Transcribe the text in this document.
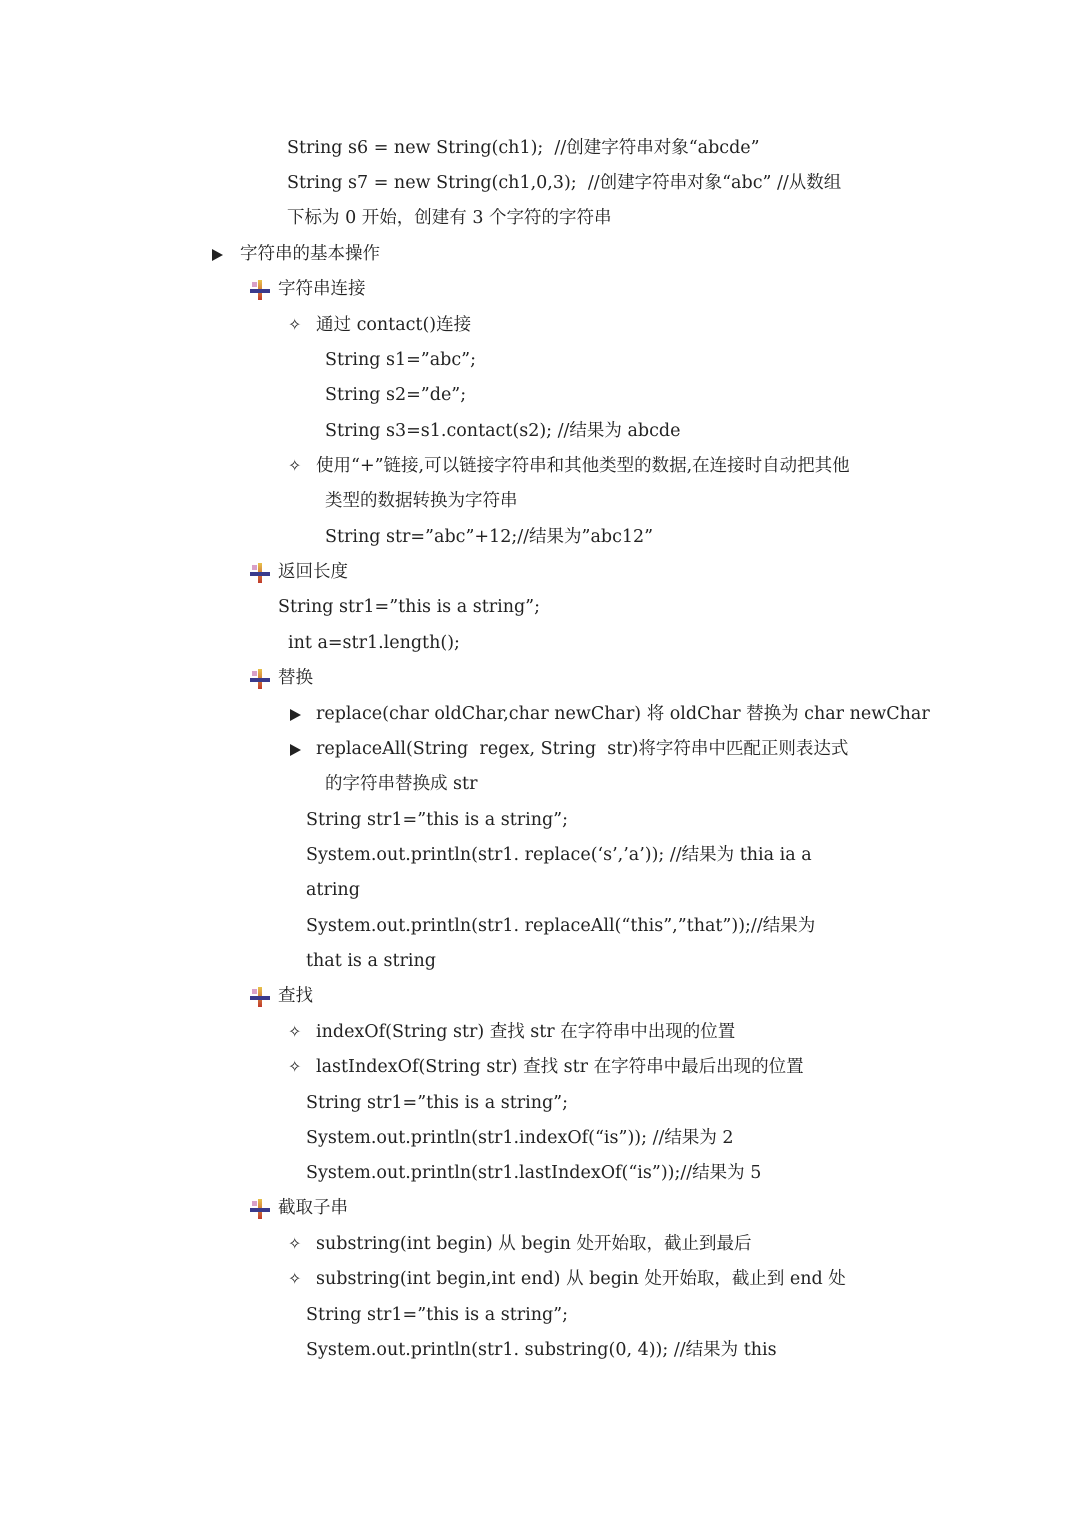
String s6 = new String(ch1);  //创建字符串对象“abcde”
String s7 = new String(ch1,0,3);  //创建字符串对象“abc” //从数组
下标为 0 开始，创建有 3 个字符的字符串
字符串的基本操作
字符串连接
✧ 通过 contact()连接
String s1=”abc”;
String s2=”de”;
String s3=s1.contact(s2); //结果为 abcde
✧ 使用“+”链接,可以链接字符串和其他类型的数据,在连接时自动把其他
类型的数据转换为字符串
String str=”abc”+12;//结果为”abc12”
返回长度
String str1=”this is a string”;
int a=str1.length();
替换
replace(char oldChar,char newChar) 将 oldChar 替换为 char newChar
replaceAll(String  regex, String  str)将字符串中匹配正则表达式
的字符串替换成 str
String str1=”this is a string”;
System.out.println(str1. replace(‘s’,’a’)); //结果为 thia ia a
atring
System.out.println(str1. replaceAll(“this”,”that”));//结果为
that is a string
查找
✧ indexOf(String str) 查找 str 在字符串中出现的位置
✧ lastIndexOf(String str) 查找 str 在字符串中最后出现的位置
String str1=”this is a string”;
System.out.println(str1.indexOf(“is”)); //结果为 2
System.out.println(str1.lastIndexOf(“is”));//结果为 5
截取子串
✧ substring(int begin) 从 begin 处开始取，截止到最后
✧ substring(int begin,int end) 从 begin 处开始取，截止到 end 处
String str1=”this is a string”;
System.out.println(str1. substring(0, 4)); //结果为 this
